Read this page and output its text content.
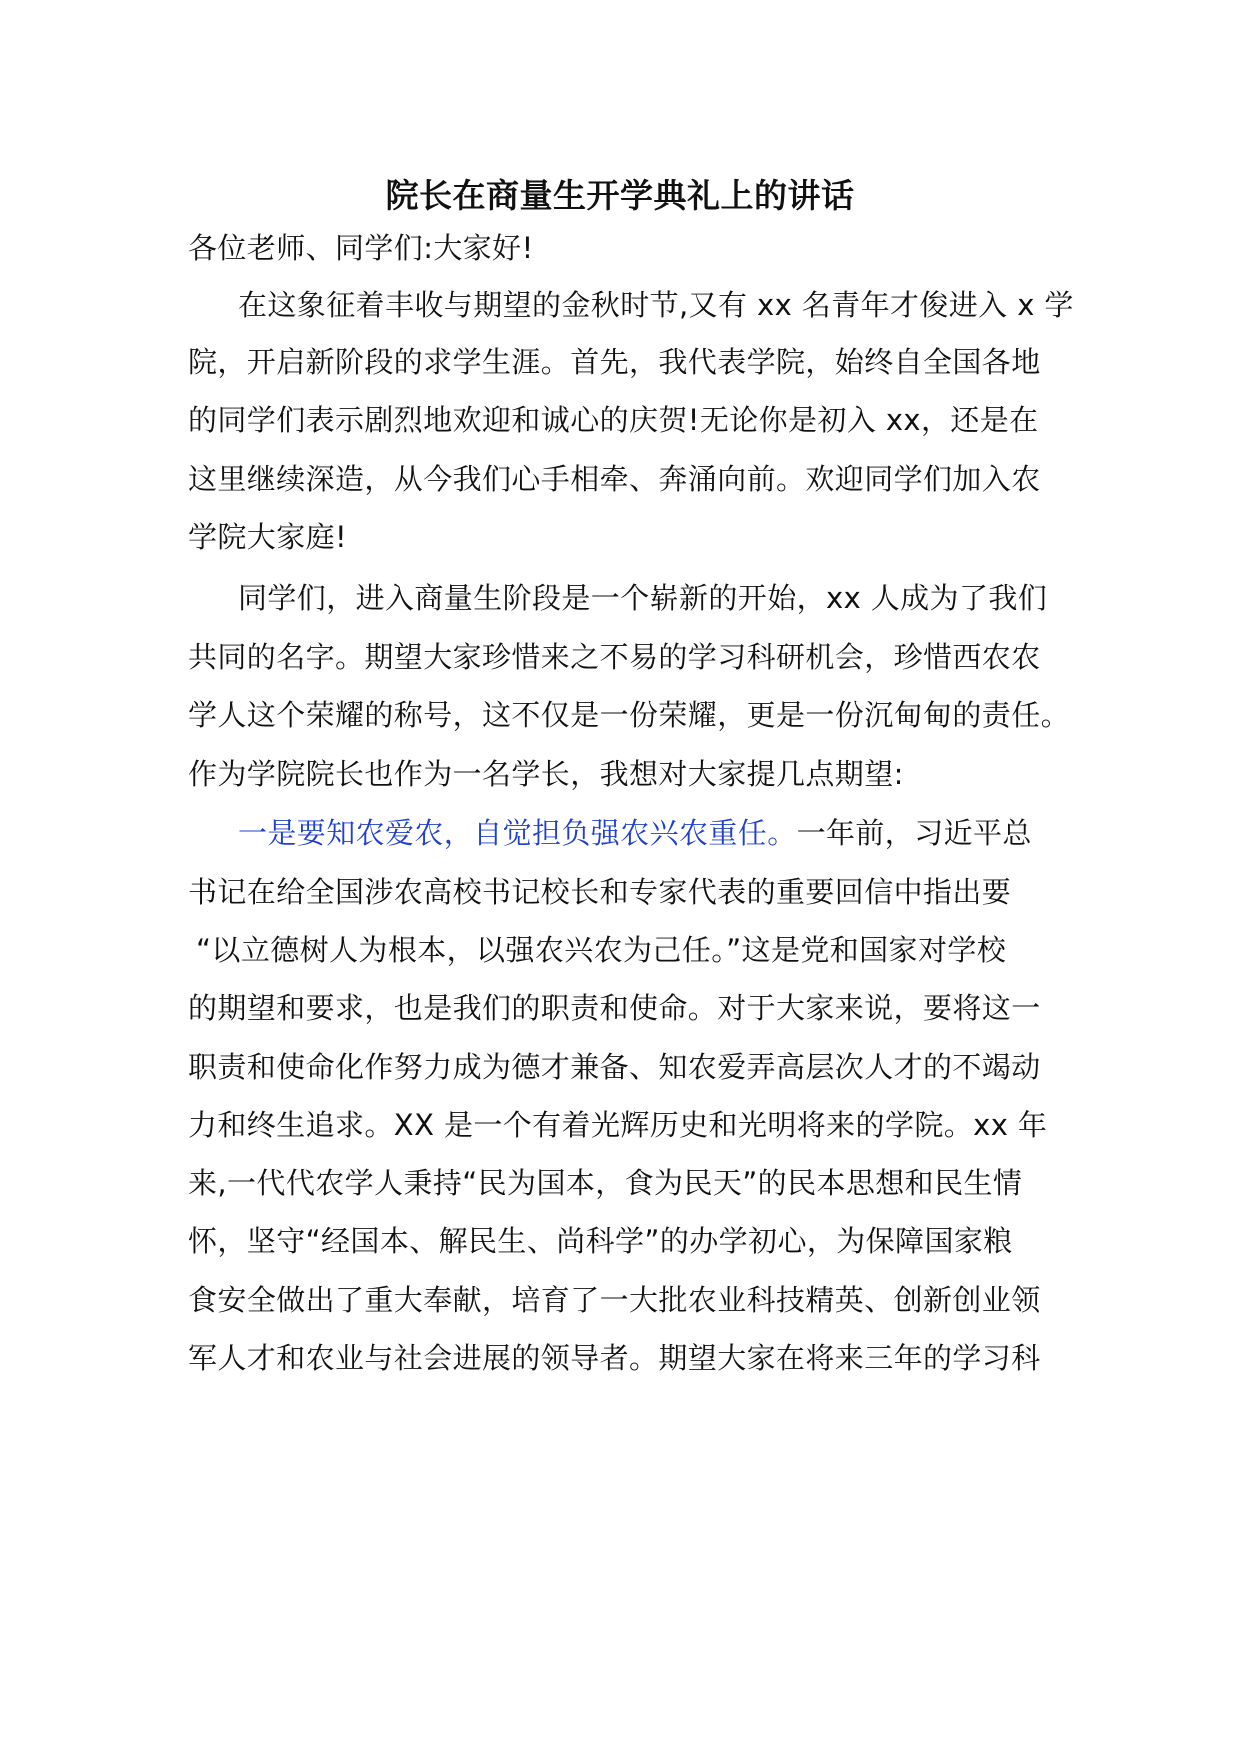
院长在商量生开学典礼上的讲话
各位老师、同学们:大家好!
在这象征着丰收与期望的金秋时节,又有 xx 名青年才俊进入 x 学
院，开启新阶段的求学生涯。首先，我代表学院，始终自全国各地
的同学们表示剧烈地欢迎和诚心的庆贺!无论你是初入 xx，还是在
这里继续深造，从今我们心手相牵、奔涌向前。欢迎同学们加入农
学院大家庭!
同学们，进入商量生阶段是一个崭新的开始，xx 人成为了我们
共同的名字。期望大家珍惜来之不易的学习科研机会，珍惜西农农
学人这个荣耀的称号，这不仅是一份荣耀，更是一份沉甸甸的责任。
作为学院院长也作为一名学长，我想对大家提几点期望:
一是要知农爱农，自觉担负强农兴农重任。一年前，习近平总
书记在给全国涉农高校书记校长和专家代表的重要回信中指出要
“以立德树人为根本，以强农兴农为己任。”这是党和国家对学校
的期望和要求，也是我们的职责和使命。对于大家来说，要将这一
职责和使命化作努力成为德才兼备、知农爱弄高层次人才的不竭动
力和终生追求。XX 是一个有着光辉历史和光明将来的学院。xx 年
来,一代代农学人秉持“民为国本，食为民天”的民本思想和民生情
怀，坚守“经国本、解民生、尚科学”的办学初心，为保障国家粮
食安全做出了重大奉献，培育了一大批农业科技精英、创新创业领
军人才和农业与社会进展的领导者。期望大家在将来三年的学习科
